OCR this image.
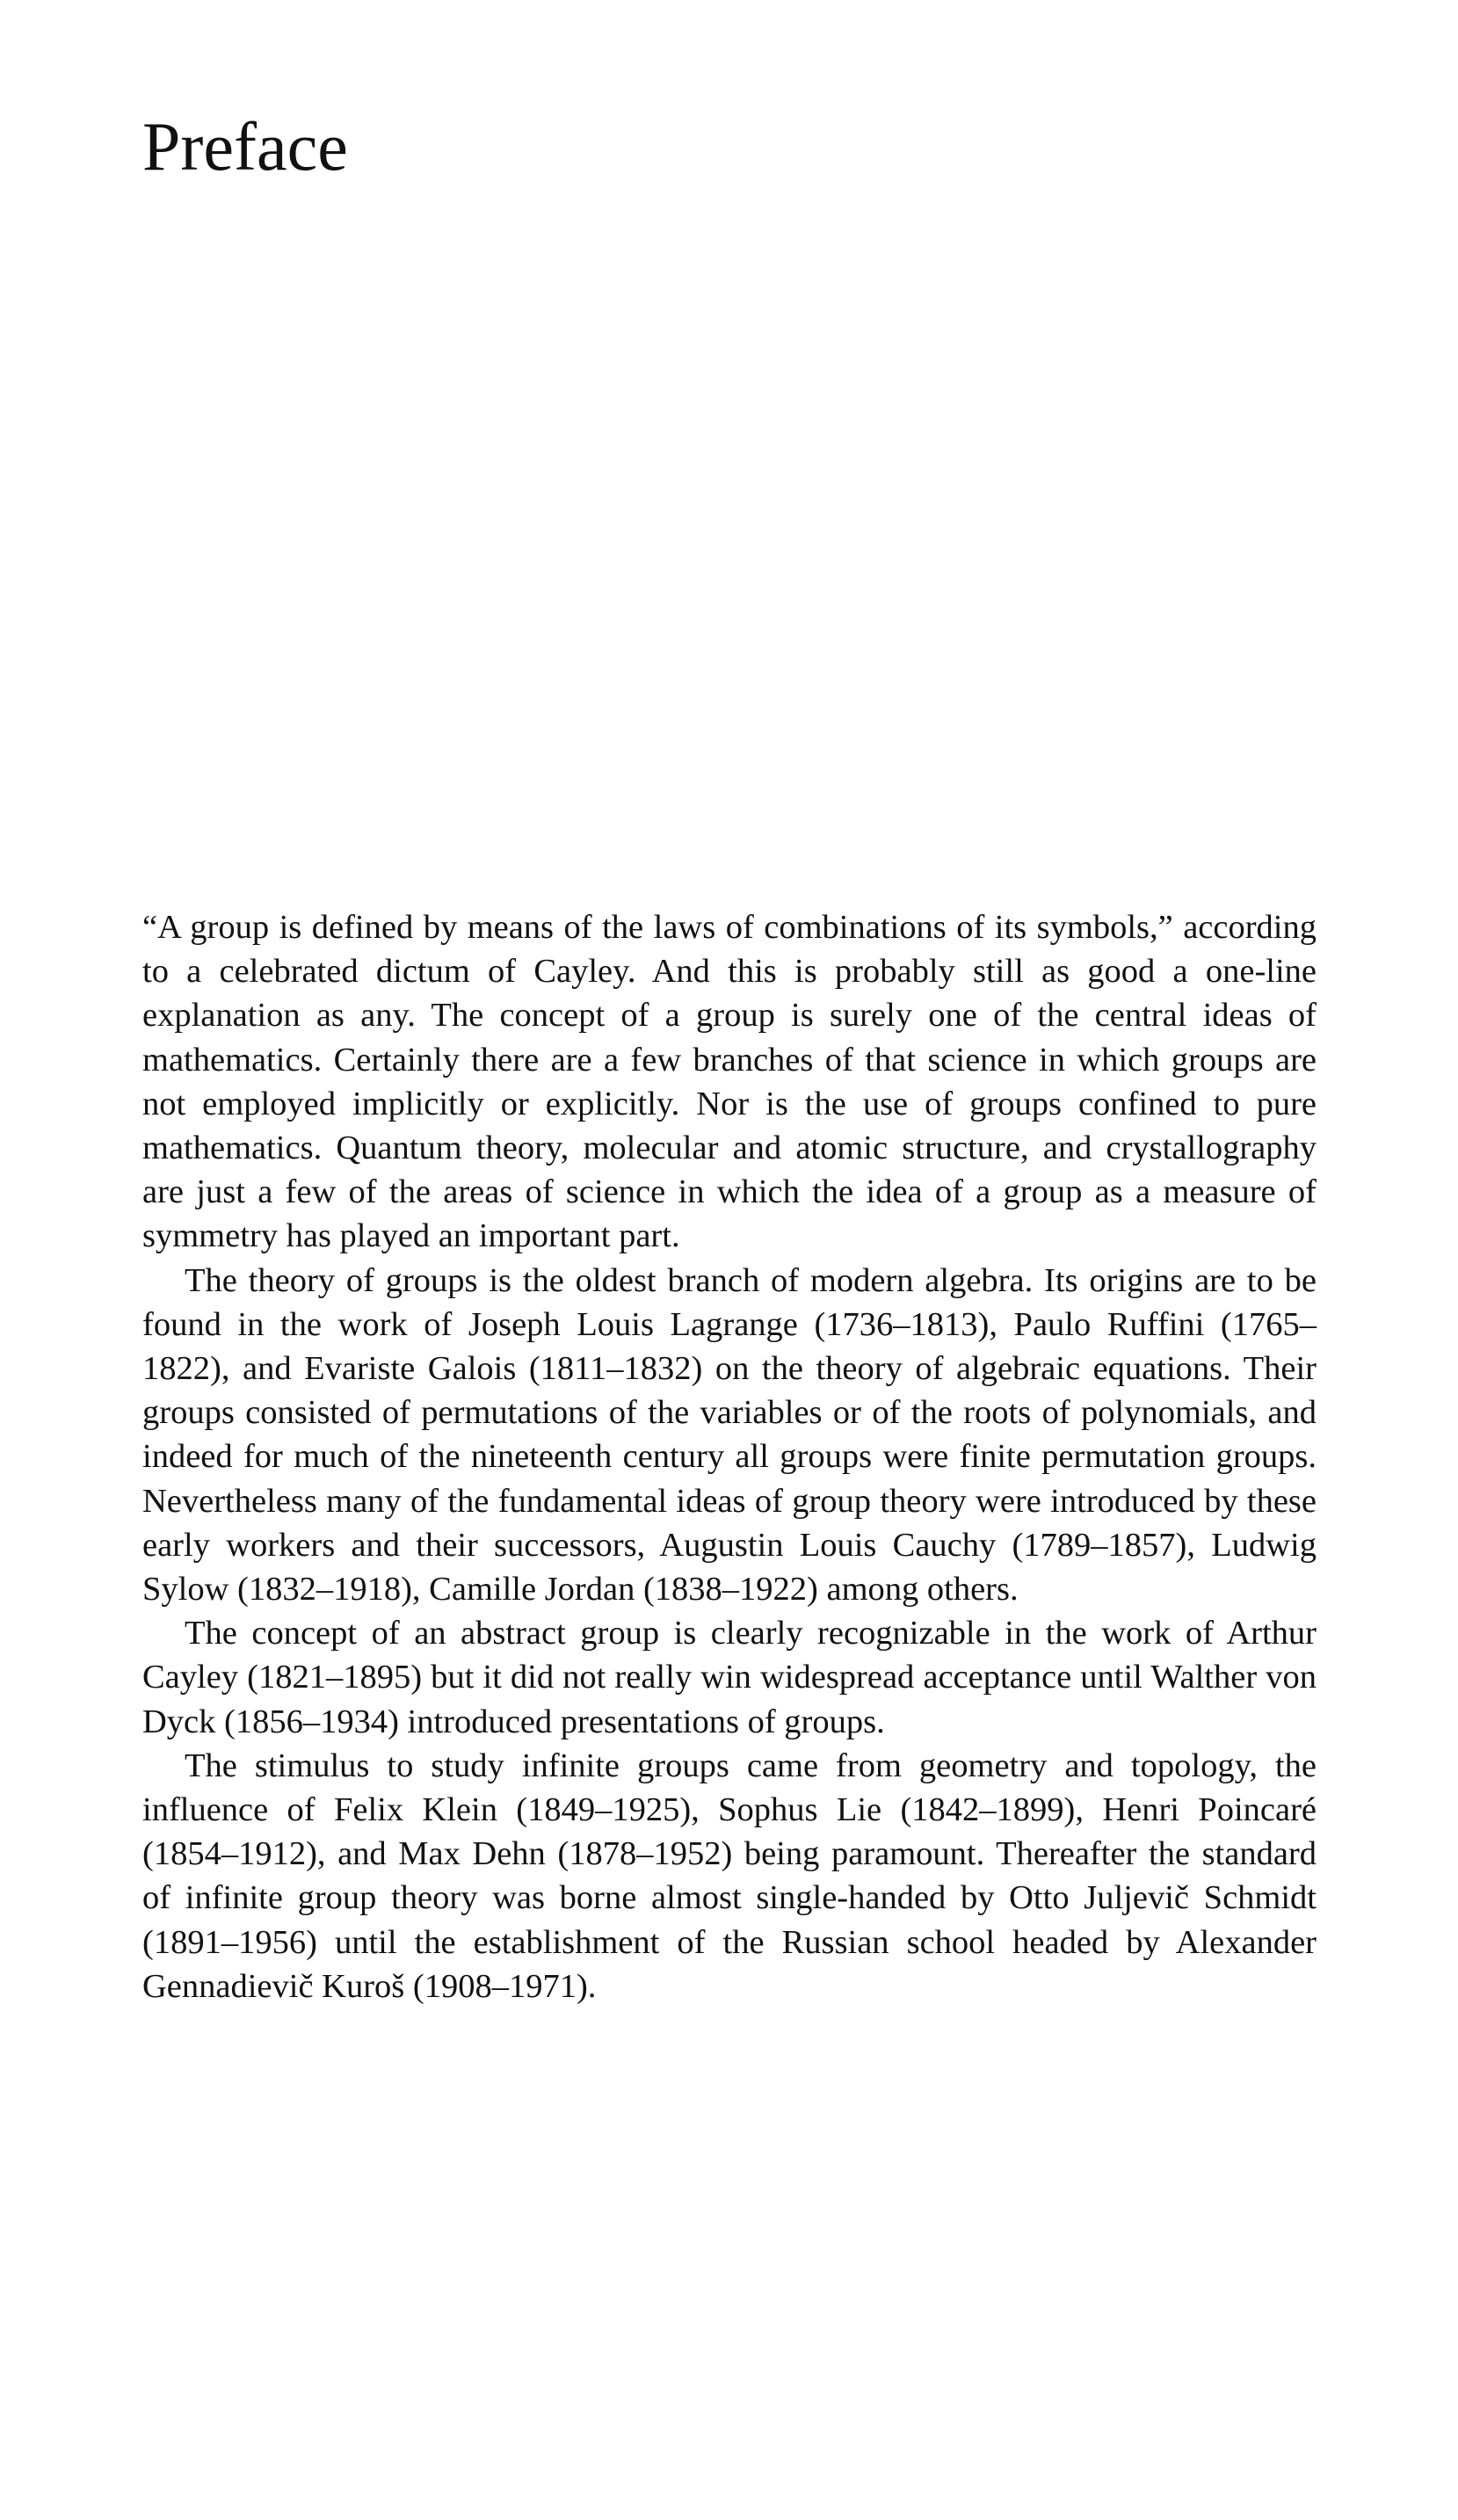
Preface

“A group is defined by means of the laws of combinations of its symbols,” according to a celebrated dictum of Cayley. And this is probably still as good a one-line explanation as any. The concept of a group is surely one of the central ideas of mathematics. Certainly there are a few branches of that science in which groups are not employed implicitly or explicitly. Nor is the use of groups confined to pure mathematics. Quantum theory, molecular and atomic structure, and crystallography are just a few of the areas of science in which the idea of a group as a measure of symmetry has played an important part.

The theory of groups is the oldest branch of modern algebra. Its origins are to be found in the work of Joseph Louis Lagrange (1736–1813), Paulo Ruffini (1765–1822), and Evariste Galois (1811–1832) on the theory of algebraic equations. Their groups consisted of permutations of the variables or of the roots of polynomials, and indeed for much of the nineteenth century all groups were finite permutation groups. Nevertheless many of the fundamental ideas of group theory were introduced by these early workers and their successors, Augustin Louis Cauchy (1789–1857), Ludwig Sylow (1832–1918), Camille Jordan (1838–1922) among others.

The concept of an abstract group is clearly recognizable in the work of Arthur Cayley (1821–1895) but it did not really win widespread acceptance until Walther von Dyck (1856–1934) introduced presentations of groups.

The stimulus to study infinite groups came from geometry and topology, the influence of Felix Klein (1849–1925), Sophus Lie (1842–1899), Henri Poincaré (1854–1912), and Max Dehn (1878–1952) being paramount. Thereafter the standard of infinite group theory was borne almost single-handed by Otto Juljevič Schmidt (1891–1956) until the establishment of the Russian school headed by Alexander Gennadievič Kuroš (1908–1971).
